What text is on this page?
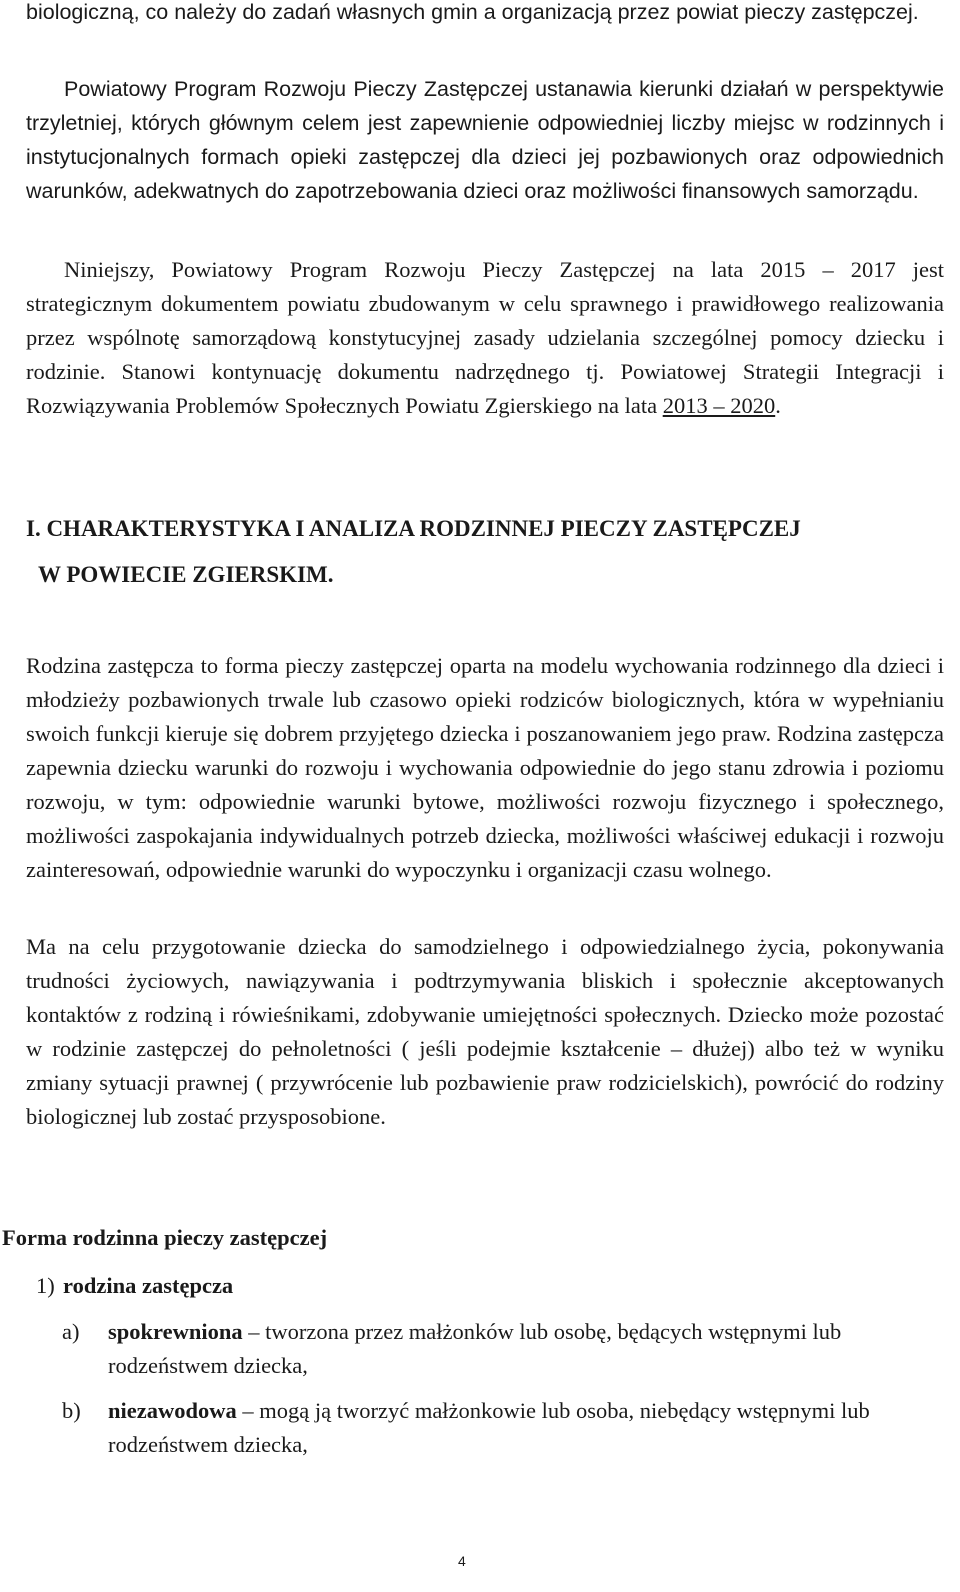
biologiczną, co należy do zadań własnych gmin a organizacją przez powiat pieczy zastępczej.

Powiatowy Program Rozwoju Pieczy Zastępczej ustanawia kierunki działań w perspektywie trzyletniej, których głównym celem jest zapewnienie odpowiedniej liczby miejsc w rodzinnych i instytucjonalnych formach opieki zastępczej dla dzieci jej pozbawionych oraz odpowiednich warunków, adekwatnych do zapotrzebowania dzieci oraz możliwości finansowych samorządu.

Niniejszy, Powiatowy Program Rozwoju Pieczy Zastępczej na lata 2015 – 2017 jest strategicznym dokumentem powiatu zbudowanym w celu sprawnego i prawidłowego realizowania przez wspólnotę samorządową konstytucyjnej zasady udzielania szczególnej pomocy dziecku i rodzinie. Stanowi kontynuację dokumentu nadrzędnego tj. Powiatowej Strategii Integracji i Rozwiązywania Problemów Społecznych Powiatu Zgierskiego na lata 2013 – 2020.

I. CHARAKTERYSTYKA I ANALIZA RODZINNEJ PIECZY ZASTĘPCZEJ

W POWIECIE ZGIERSKIM.

Rodzina zastępcza to forma pieczy zastępczej oparta na modelu wychowania rodzinnego dla dzieci i młodzieży pozbawionych trwale lub czasowo opieki rodziców biologicznych, która w wypełnianiu swoich funkcji kieruje się dobrem przyjętego dziecka i poszanowaniem jego praw. Rodzina zastępcza zapewnia dziecku warunki do rozwoju i wychowania odpowiednie do jego stanu zdrowia i poziomu rozwoju, w tym: odpowiednie warunki bytowe, możliwości rozwoju fizycznego i społecznego, możliwości zaspokajania indywidualnych potrzeb dziecka, możliwości właściwej edukacji i rozwoju zainteresowań, odpowiednie warunki do wypoczynku i organizacji czasu wolnego.

Ma na celu przygotowanie dziecka do samodzielnego i odpowiedzialnego życia, pokonywania trudności życiowych, nawiązywania i podtrzymywania bliskich i społecznie akceptowanych kontaktów z rodziną i rówieśnikami, zdobywanie umiejętności społecznych. Dziecko może pozostać w rodzinie zastępczej do pełnoletności ( jeśli podejmie kształcenie – dłużej) albo też w wyniku zmiany sytuacji prawnej ( przywrócenie lub pozbawienie praw rodzicielskich), powrócić do rodziny biologicznej lub zostać przysposobione.

Forma rodzinna pieczy zastępczej

1) rodzina zastępcza

a) spokrewniona – tworzona przez małżonków lub osobę, będących wstępnymi lub rodzeństwem dziecka,

b) niezawodowa – mogą ją tworzyć małżonkowie lub osoba, niebędący wstępnymi lub rodzeństwem dziecka,

4
